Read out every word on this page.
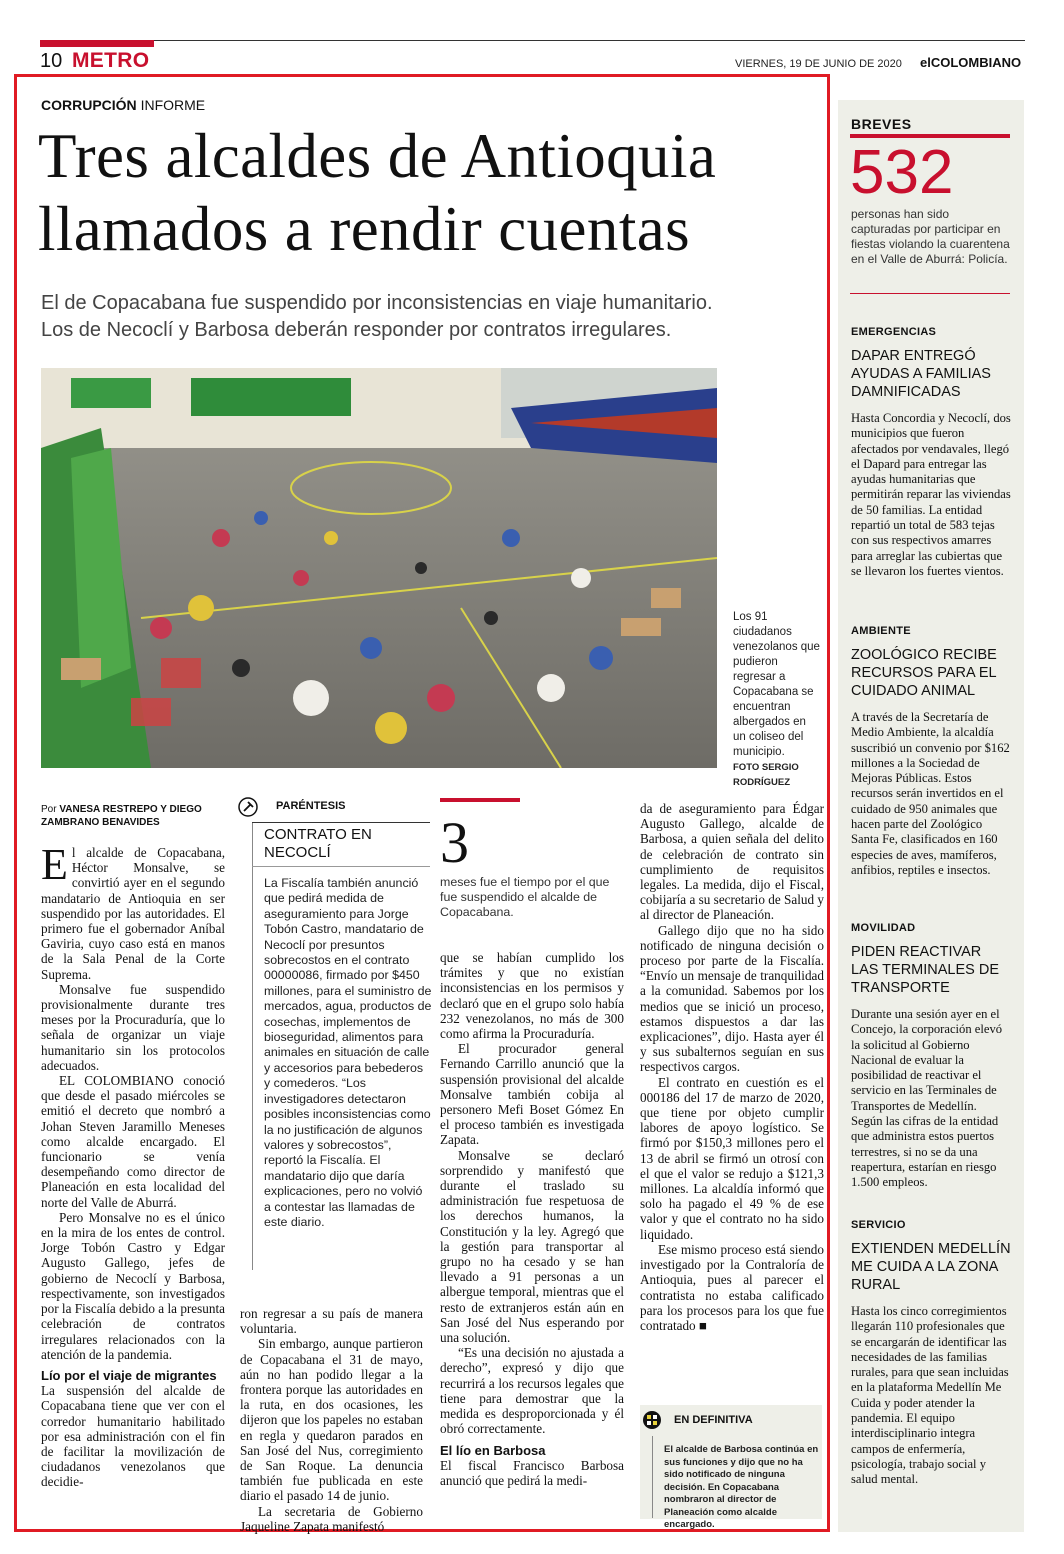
10 METRO	VIERNES, 19 DE JUNIO DE 2020 elCOLOMBIANO
CORRUPCIÓN INFORME
Tres alcaldes de Antioquia
llamados a rendir cuentas
El de Copacabana fue suspendido por inconsistencias en viaje humanitario.
Los de Necoclí y Barbosa deberán responder por contratos irregulares.
Los 91 ciudadanos venezolanos que pudieron regresar a Copacabana se encuentran albergados en un coliseo del municipio.
FOTO SERGIO RODRÍGUEZ
Por VANESA RESTREPO Y DIEGO ZAMBRANO BENAVIDES

El alcalde de Copacabana, Héctor Monsalve, se convirtió ayer en el segundo mandatario de Antioquia en ser suspendido por las autoridades. El primero fue el gobernador Aníbal Gaviria, cuyo caso está en manos de la Sala Penal de la Corte Suprema.

Monsalve fue suspendido provisionalmente durante tres meses por la Procuraduría, que lo señala de organizar un viaje humanitario sin los protocolos adecuados.

EL COLOMBIANO conoció que desde el pasado miércoles se emitió el decreto que nombró a Johan Steven Jaramillo Meneses como alcalde encargado. El funcionario se venía desempeñando como director de Planeación en esta localidad del norte del Valle de Aburrá.

Pero Monsalve no es el único en la mira de los entes de control. Jorge Tobón Castro y Edgar Augusto Gallego, jefes de gobierno de Necoclí y Barbosa, respectivamente, son investigados por la Fiscalía debido a la presunta celebración de contratos irregulares relacionados con la atención de la pandemia.

Lío por el viaje de migrantes

La suspensión del alcalde de Copacabana tiene que ver con el corredor humanitario habilitado por esa administración con el fin de facilitar la movilización de ciudadanos venezolanos que decidie-

PARÉNTESIS
CONTRATO EN NECOCLÍ
La Fiscalía también anunció que pedirá medida de aseguramiento para Jorge Tobón Castro, mandatario de Necoclí por presuntos sobrecostos en el contrato 00000086, firmado por $450 millones, para el suministro de mercados, agua, productos de cosechas, implementos de bioseguridad, alimentos para animales en situación de calle y accesorios para bebederos y comederos. “Los investigadores detectaron posibles inconsistencias como la no justificación de algunos valores y sobrecostos”, reportó la Fiscalía. El mandatario dijo que daría explicaciones, pero no volvió a contestar las llamadas de este diario.

ron regresar a su país de manera voluntaria.

Sin embargo, aunque partieron de Copacabana el 31 de mayo, aún no han podido llegar a la frontera porque las autoridades en la ruta, en dos ocasiones, les dijeron que los papeles no estaban en regla y quedaron parados en San José del Nus, corregimiento de San Roque. La denuncia también fue publicada en este diario el pasado 14 de junio.

La secretaria de Gobierno Jaqueline Zapata manifestó

3
meses fue el tiempo por el que fue suspendido el alcalde de Copacabana.

que se habían cumplido los trámites y que no existían inconsistencias en los permisos y declaró que en el grupo solo había 232 venezolanos, no más de 300 como afirma la Procuraduría.

El procurador general Fernando Carrillo anunció que la suspensión provisional del alcalde Monsalve también cobija al personero Mefi Boset Gómez En el proceso también es investigada Zapata.

Monsalve se declaró sorprendido y manifestó que durante el traslado su administración fue respetuosa de los derechos humanos, la Constitución y la ley. Agregó que la gestión para transportar al grupo no ha cesado y se han llevado a 91 personas a un albergue temporal, mientras que el resto de extranjeros están aún en San José del Nus esperando por una solución.

“Es una decisión no ajustada a derecho”, expresó y dijo que recurrirá a los recursos legales que tiene para demostrar que la medida es desproporcionada y él obró correctamente.

El lío en Barbosa

El fiscal Francisco Barbosa anunció que pedirá la medi-

da de aseguramiento para Édgar Augusto Gallego, alcalde de Barbosa, a quien señala del delito de celebración de contrato sin cumplimiento de requisitos legales. La medida, dijo el Fiscal, cobijaría a su secretario de Salud y al director de Planeación.

Gallego dijo que no ha sido notificado de ninguna decisión o proceso por parte de la Fiscalía. “Envío un mensaje de tranquilidad a la comunidad. Sabemos por los medios que se inició un proceso, estamos dispuestos a dar las explicaciones”, dijo. Hasta ayer él y sus subalternos seguían en sus respectivos cargos.

El contrato en cuestión es el 000186 del 17 de marzo de 2020, que tiene por objeto cumplir labores de apoyo logístico. Se firmó por $150,3 millones pero el 13 de abril se firmó un otrosí con el que el valor se redujo a $121,3 millones. La alcaldía informó que solo ha pagado el 49 % de ese valor y que el contrato no ha sido liquidado.

Ese mismo proceso está siendo investigado por la Contraloría de Antioquia, pues al parecer el contratista no estaba calificado para los procesos para los que fue contratado ■

EN DEFINITIVA
El alcalde de Barbosa continúa en sus funciones y dijo que no ha sido notificado de ninguna decisión. En Copacabana nombraron al director de Planeación como alcalde encargado.
BREVES
532
personas han sido capturadas por participar en fiestas violando la cuarentena en el Valle de Aburrá: Policía.
EMERGENCIAS
DAPAR ENTREGÓ AYUDAS A FAMILIAS DAMNIFICADAS
Hasta Concordia y Necoclí, dos municipios que fueron afectados por vendavales, llegó el Dapard para entregar las ayudas humanitarias que permitirán reparar las viviendas de 50 familias. La entidad repartió un total de 583 tejas con sus respectivos amarres para arreglar las cubiertas que se llevaron los fuertes vientos.
AMBIENTE
ZOOLÓGICO RECIBE RECURSOS PARA EL CUIDADO ANIMAL
A través de la Secretaría de Medio Ambiente, la alcaldía suscribió un convenio por $162 millones a la Sociedad de Mejoras Públicas. Estos recursos serán invertidos en el cuidado de 950 animales que hacen parte del Zoológico Santa Fe, clasificados en 160 especies de aves, mamíferos, anfibios, reptiles e insectos.
MOVILIDAD
PIDEN REACTIVAR LAS TERMINALES DE TRANSPORTE
Durante una sesión ayer en el Concejo, la corporación elevó la solicitud al Gobierno Nacional de evaluar la posibilidad de reactivar el servicio en las Terminales de Transportes de Medellín. Según las cifras de la entidad que administra estos puertos terrestres, si no se da una reapertura, estarían en riesgo 1.500 empleos.
SERVICIO
EXTIENDEN MEDELLÍN ME CUIDA A LA ZONA RURAL
Hasta los cinco corregimientos llegarán 110 profesionales que se encargarán de identificar las necesidades de las familias rurales, para que sean incluidas en la plataforma Medellín Me Cuida y poder atender la pandemia. El equipo interdisciplinario integra campos de enfermería, psicología, trabajo social y salud mental.
